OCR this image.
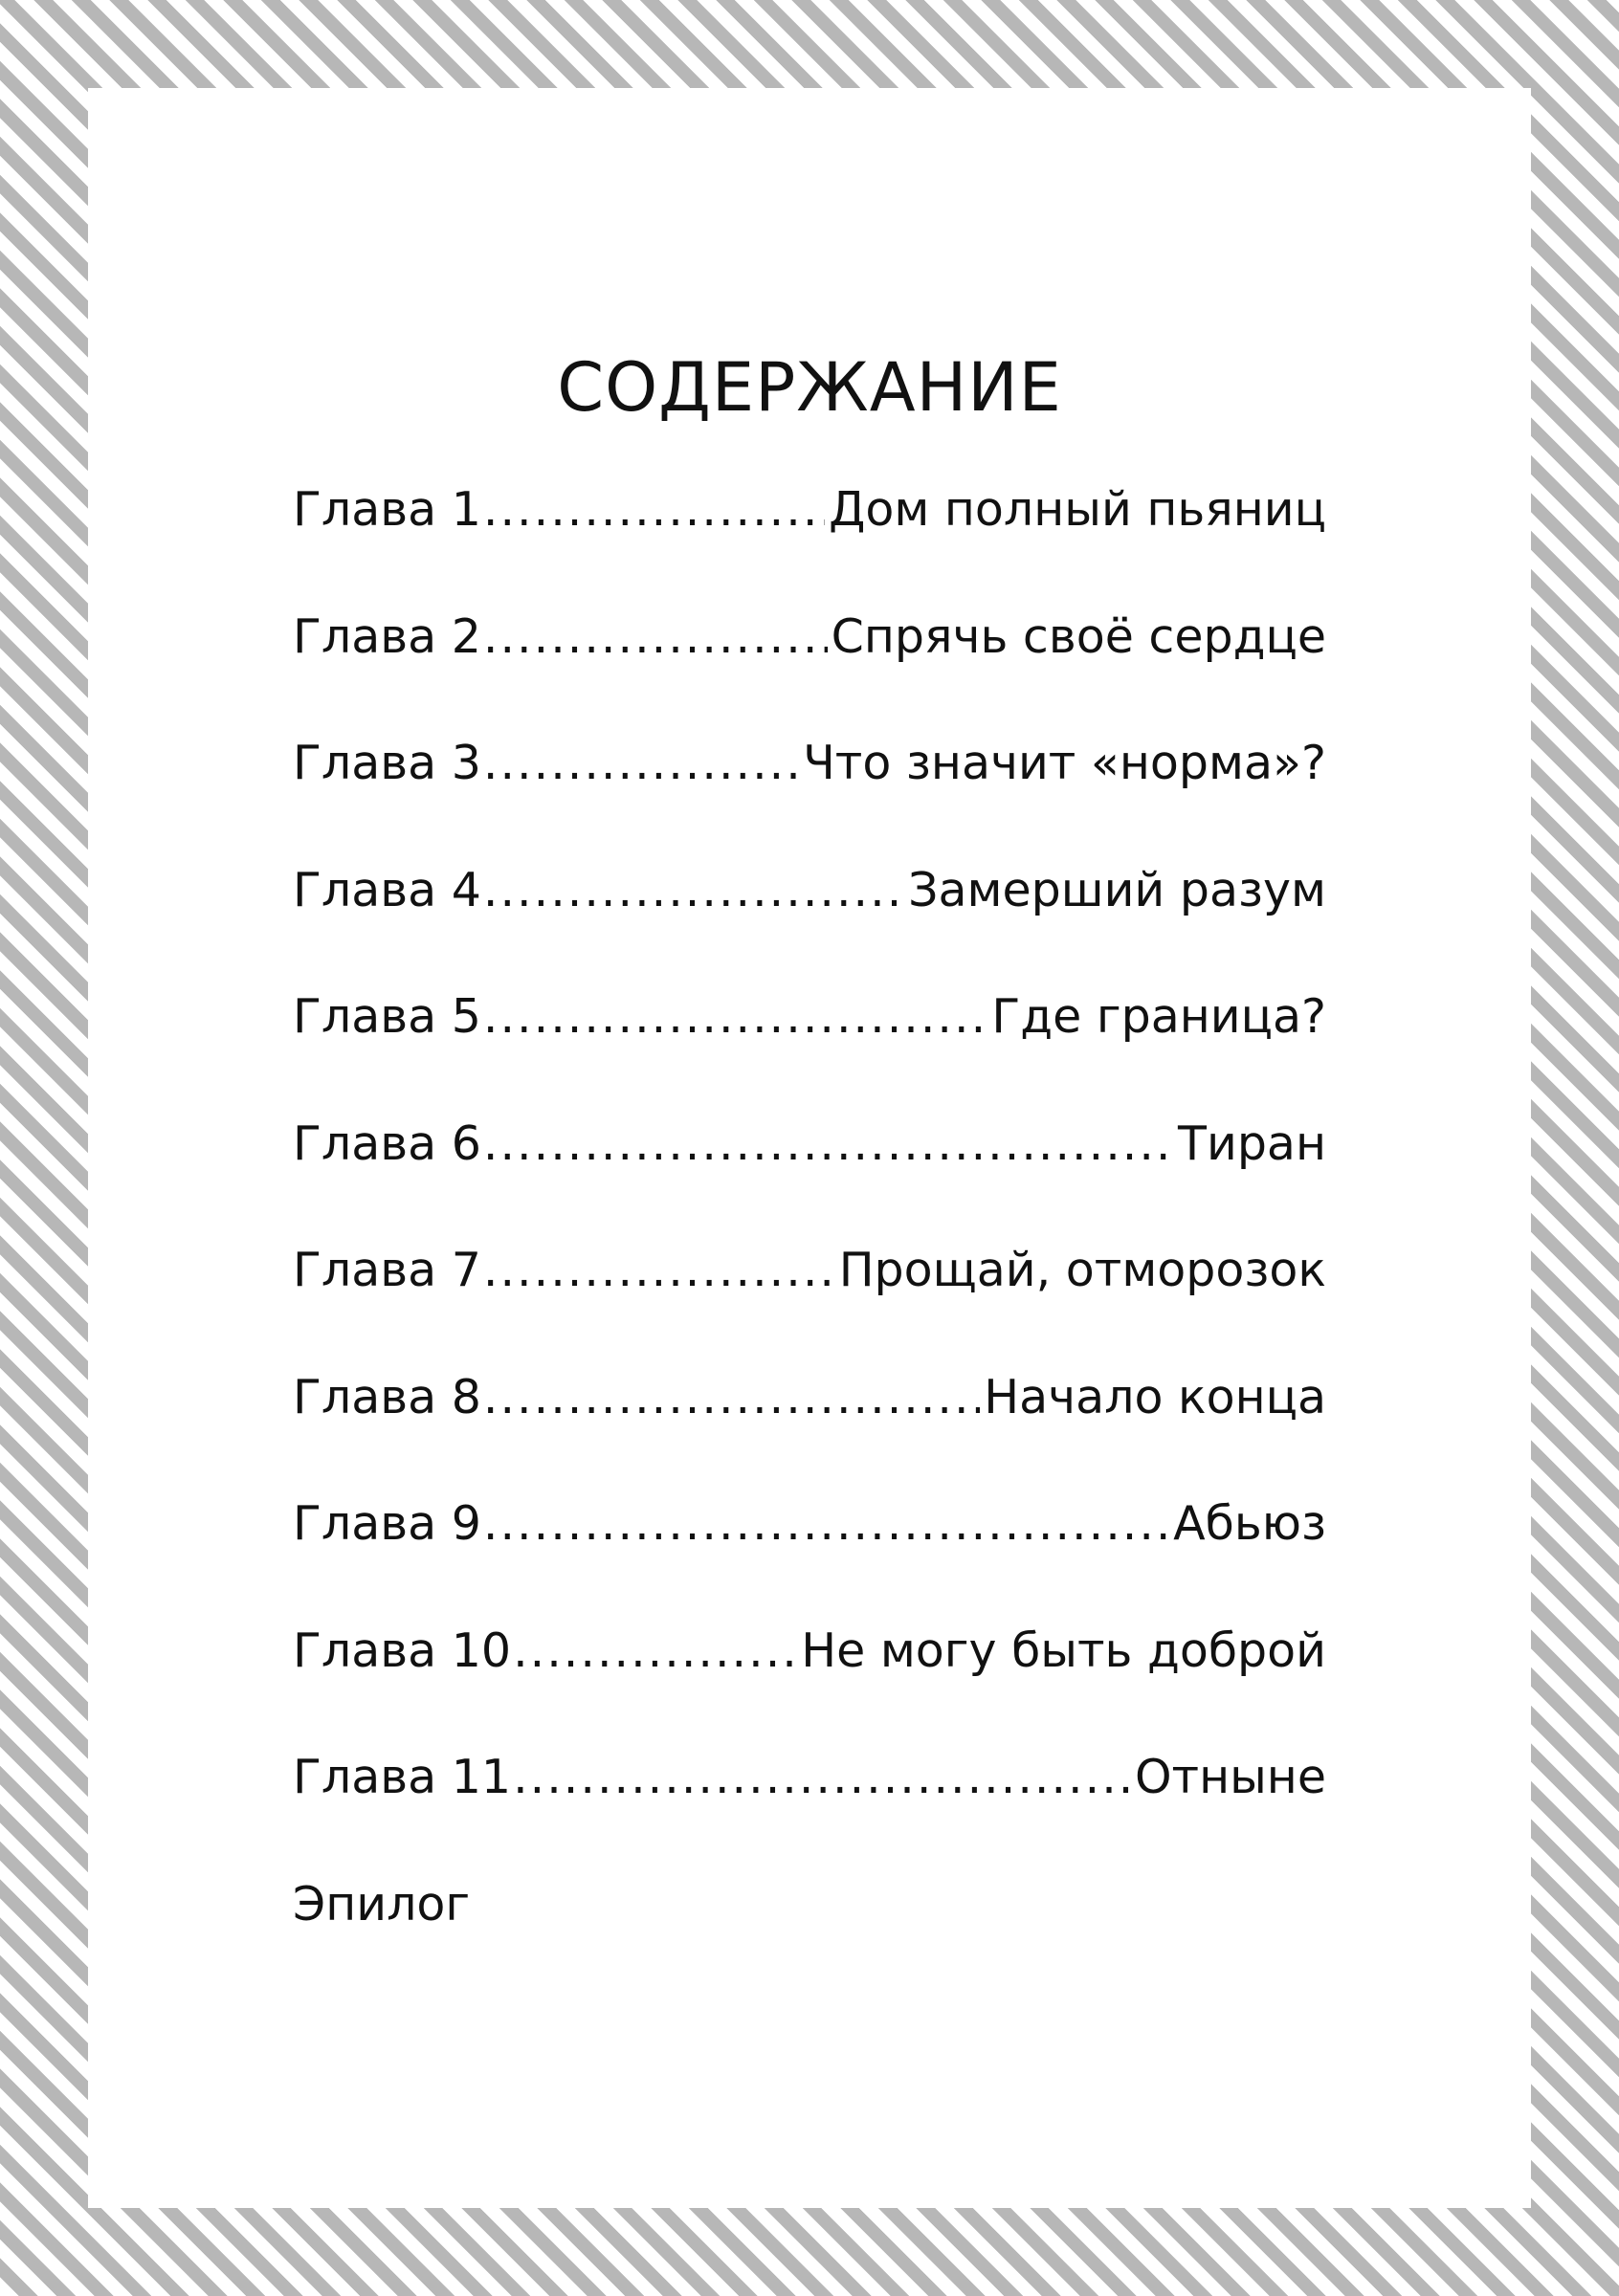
СОДЕРЖАНИЕ
Глава 1 .....	Дом полный пьяниц
Глава 2 .....	Спрячь своё сердце
Глава 3 .....	Что значит «норма»?
Глава 4 .....	Замерший разум
Глава 5 .....	Где граница?
Глава 6 .....	Тиран
Глава 7 .....	Прощай, отморозок
Глава 8 .....	Начало конца
Глава 9 .....	Абьюз
Глава 10 .....	Не могу быть доброй
Глава 11 .....	Отныне
Эпилог
